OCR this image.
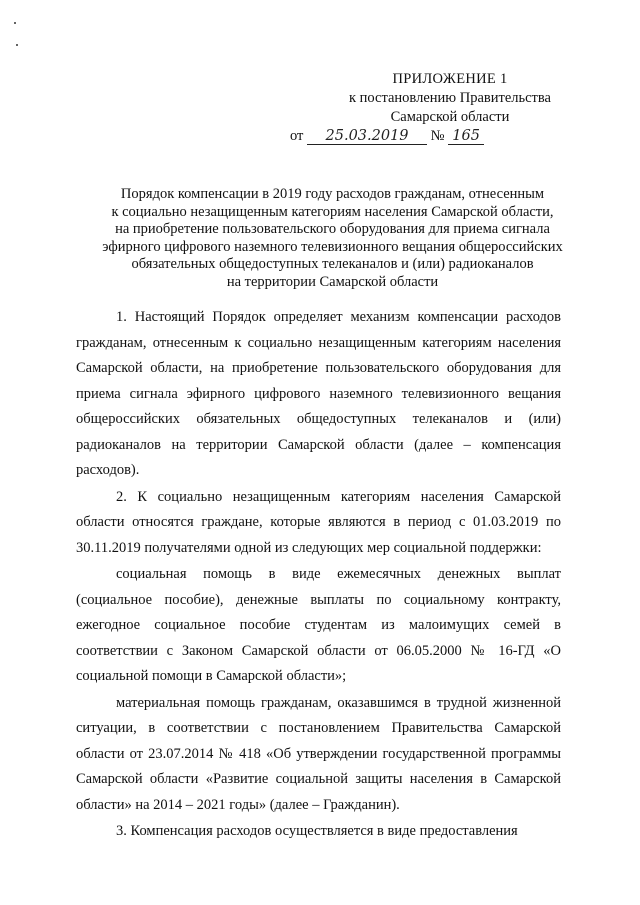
ПРИЛОЖЕНИЕ 1
к постановлению Правительства
Самарской области
от 25.03.2019 № 165
Порядок компенсации в 2019 году расходов гражданам, отнесенным
к социально незащищенным категориям населения Самарской области,
на приобретение пользовательского оборудования для приема сигнала
эфирного цифрового наземного телевизионного вещания общероссийских
обязательных общедоступных телеканалов и (или) радиоканалов
на территории Самарской области

1. Настоящий Порядок определяет механизм компенсации расходов гражданам, отнесенным к социально незащищенным категориям населения Самарской области, на приобретение пользовательского оборудования для приема сигнала эфирного цифрового наземного телевизионного вещания общероссийских обязательных общедоступных телеканалов и (или) радиоканалов на территории Самарской области (далее – компенсация расходов).

2. К социально незащищенным категориям населения Самарской области относятся граждане, которые являются в период с 01.03.2019 по 30.11.2019 получателями одной из следующих мер социальной поддержки:

социальная помощь в виде ежемесячных денежных выплат (социальное пособие), денежные выплаты по социальному контракту, ежегодное социальное пособие студентам из малоимущих семей в соответствии с Законом Самарской области от 06.05.2000 № 16-ГД «О социальной помощи в Самарской области»;

материальная помощь гражданам, оказавшимся в трудной жизненной ситуации, в соответствии с постановлением Правительства Самарской области от 23.07.2014 № 418 «Об утверждении государственной программы Самарской области «Развитие социальной защиты населения в Самарской области» на 2014 – 2021 годы» (далее – Гражданин).

3. Компенсация расходов осуществляется в виде предоставления
